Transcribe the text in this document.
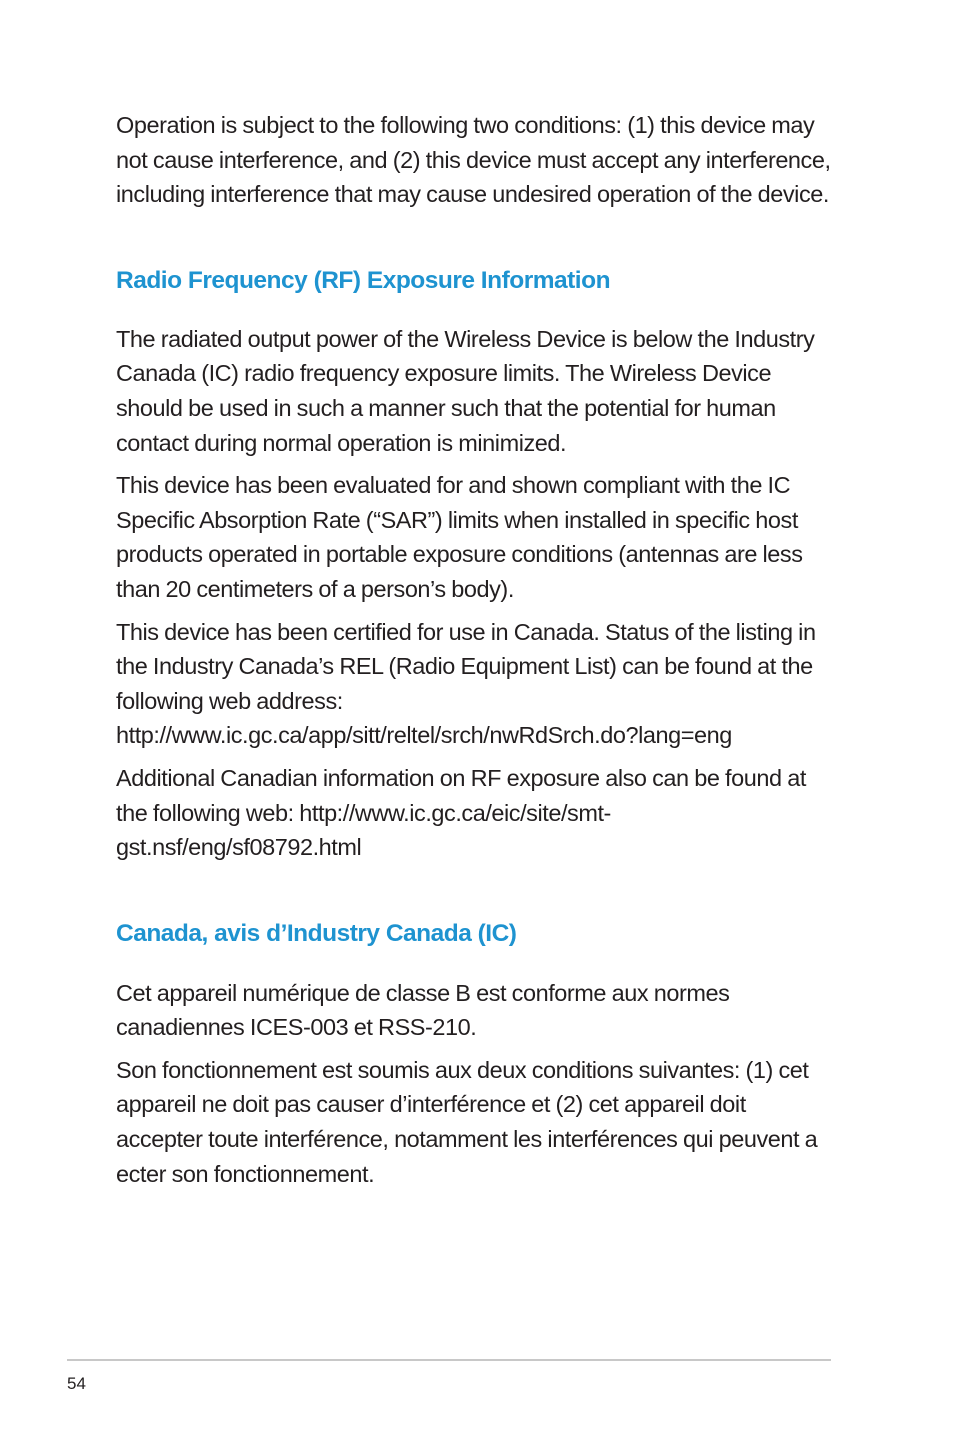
Operation is subject to the following two conditions: (1) this device may not cause interference, and (2) this device must accept any interference, including interference that may cause undesired operation of the device.

Radio Frequency (RF) Exposure Information

The radiated output power of the Wireless Device is below the Industry Canada (IC) radio frequency exposure limits. The Wireless Device should be used in such a manner such that the potential for human contact during normal operation is minimized.

This device has been evaluated for and shown compliant with the IC Specific Absorption Rate (“SAR”) limits when installed in specific host products operated in portable exposure conditions (antennas are less than 20 centimeters of a person’s body).

This device has been certified for use in Canada. Status of the listing in the Industry Canada’s REL (Radio Equipment List) can be found at the following web address: http://www.ic.gc.ca/app/sitt/reltel/srch/nwRdSrch.do?lang=eng

Additional Canadian information on RF exposure also can be found at the following web: http://www.ic.gc.ca/eic/site/smt-gst.nsf/eng/sf08792.html

Canada, avis d’Industry Canada (IC)

Cet appareil numérique de classe B est conforme aux normes canadiennes ICES-003 et RSS-210.

Son fonctionnement est soumis aux deux conditions suivantes: (1) cet appareil ne doit pas causer d’interférence et (2) cet appareil doit accepter toute interférence, notamment les interférences qui peuvent a ecter son fonctionnement.

54
